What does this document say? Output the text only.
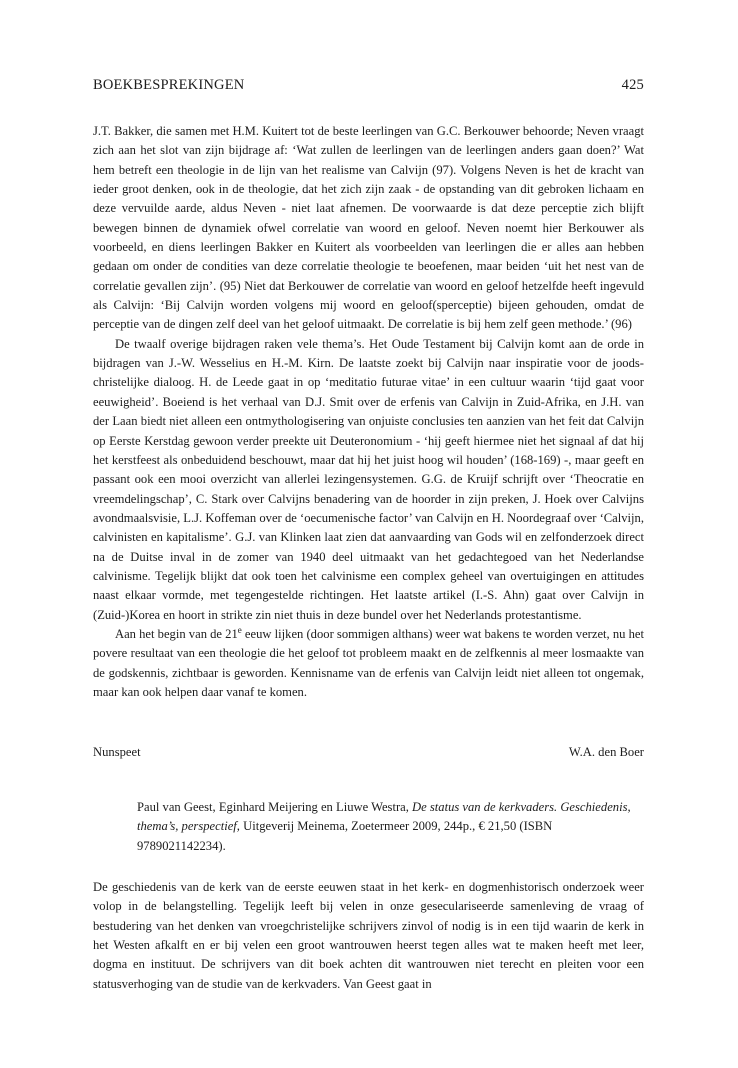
BOEKBESPREKINGEN	425

J.T. Bakker, die samen met H.M. Kuitert tot de beste leerlingen van G.C. Berkouwer behoorde; Neven vraagt zich aan het slot van zijn bijdrage af: ‘Wat zullen de leerlingen van de leerlingen anders gaan doen?’ Wat hem betreft een theologie in de lijn van het realisme van Calvijn (97). Volgens Neven is het de kracht van ieder groot denken, ook in de theologie, dat het zich zijn zaak - de opstanding van dit gebroken lichaam en deze vervuilde aarde, aldus Neven - niet laat afnemen. De voorwaarde is dat deze perceptie zich blijft bewegen binnen de dynamiek ofwel correlatie van woord en geloof. Neven noemt hier Berkouwer als voorbeeld, en diens leerlingen Bakker en Kuitert als voorbeelden van leerlingen die er alles aan hebben gedaan om onder de condities van deze correlatie theologie te beoefenen, maar beiden ‘uit het nest van de correlatie gevallen zijn’. (95) Niet dat Berkouwer de correlatie van woord en geloof hetzelfde heeft ingevuld als Calvijn: ‘Bij Calvijn worden volgens mij woord en geloof(sperceptie) bijeen gehouden, omdat de perceptie van de dingen zelf deel van het geloof uitmaakt. De correlatie is bij hem zelf geen methode.’ (96)

De twaalf overige bijdragen raken vele thema’s. Het Oude Testament bij Calvijn komt aan de orde in bijdragen van J.-W. Wesselius en H.-M. Kirn. De laatste zoekt bij Calvijn naar inspiratie voor de joods-christelijke dialoog. H. de Leede gaat in op ‘meditatio futurae vitae’ in een cultuur waarin ‘tijd gaat voor eeuwigheid’. Boeiend is het verhaal van D.J. Smit over de erfenis van Calvijn in Zuid-Afrika, en J.H. van der Laan biedt niet alleen een ontmythologisering van onjuiste conclusies ten aanzien van het feit dat Calvijn op Eerste Kerstdag gewoon verder preekte uit Deuteronomium - ‘hij geeft hiermee niet het signaal af dat hij het kerstfeest als onbeduidend beschouwt, maar dat hij het juist hoog wil houden’ (168-169) -, maar geeft en passant ook een mooi overzicht van allerlei lezingensystemen. G.G. de Kruijf schrijft over ‘Theocratie en vreemdelingschap’, C. Stark over Calvijns benadering van de hoorder in zijn preken, J. Hoek over Calvijns avondmaalsvisie, L.J. Koffeman over de ‘oecumenische factor’ van Calvijn en H. Noordegraaf over ‘Calvijn, calvinisten en kapitalisme’. G.J. van Klinken laat zien dat aanvaarding van Gods wil en zelfonderzoek direct na de Duitse inval in de zomer van 1940 deel uitmaakt van het gedachtegoed van het Nederlandse calvinisme. Tegelijk blijkt dat ook toen het calvinisme een complex geheel van overtuigingen en attitudes naast elkaar vormde, met tegengestelde richtingen. Het laatste artikel (I.-S. Ahn) gaat over Calvijn in (Zuid-)Korea en hoort in strikte zin niet thuis in deze bundel over het Nederlands protestantisme.

Aan het begin van de 21e eeuw lijken (door sommigen althans) weer wat bakens te worden verzet, nu het povere resultaat van een theologie die het geloof tot probleem maakt en de zelfkennis al meer losmaakte van de godskennis, zichtbaar is geworden. Kennisname van de erfenis van Calvijn leidt niet alleen tot ongemak, maar kan ook helpen daar vanaf te komen.

Nunspeet	W.A. den Boer
Paul van Geest, Eginhard Meijering en Liuwe Westra, De status van de kerkvaders. Geschiedenis, thema’s, perspectief, Uitgeverij Meinema, Zoetermeer 2009, 244p., € 21,50 (ISBN 9789021142234).

De geschiedenis van de kerk van de eerste eeuwen staat in het kerk- en dogmenhistorisch onderzoek weer volop in de belangstelling. Tegelijk leeft bij velen in onze geseculariseerde samenleving de vraag of bestudering van het denken van vroegchristelijke schrijvers zinvol of nodig is in een tijd waarin de kerk in het Westen afkalft en er bij velen een groot wantrouwen heerst tegen alles wat te maken heeft met leer, dogma en instituut. De schrijvers van dit boek achten dit wantrouwen niet terecht en pleiten voor een statusverhoging van de studie van de kerkvaders. Van Geest gaat in
